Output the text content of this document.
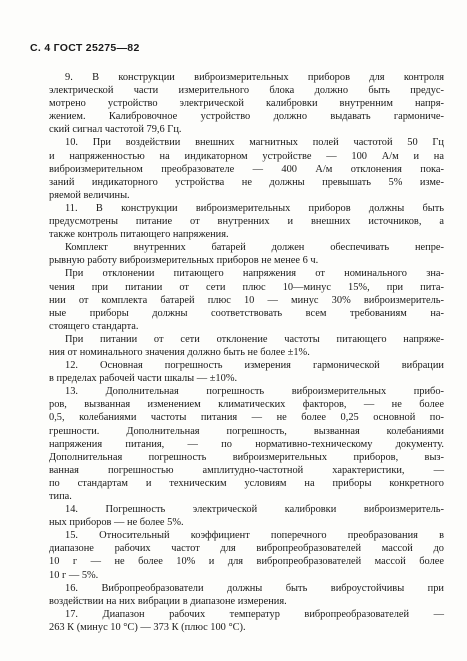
С. 4 ГОСТ 25275—82
9. В конструкции виброизмерительных приборов для контроля
электрической части измерительного блока должно быть предус-
мотрено устройство электрической калибровки внутренним напря-
жением. Калибровочное устройство должно выдавать гармониче-
ский сигнал частотой 79,6 Гц.
10. При воздействии внешних магнитных полей частотой 50 Гц
и напряженностью на индикаторном устройстве — 100 А/м и на
виброизмерительном преобразователе — 400 А/м отклонения пока-
заний индикаторного устройства не должны превышать 5% изме-
ряемой величины.
11. В конструкции виброизмерительных приборов должны быть
предусмотрены питание от внутренних и внешних источников, а
также контроль питающего напряжения.
Комплект внутренних батарей должен обеспечивать непре-
рывную работу виброизмерительных приборов не менее 6 ч.
При отклонении питающего напряжения от номинального зна-
чения при питании от сети плюс 10—минус 15%, при пита-
нии от комплекта батарей плюс 10 — минус 30% виброизмеритель-
ные приборы должны соответствовать всем требованиям на-
стоящего стандарта.
При питании от сети отклонение частоты питающего напряже-
ния от номинального значения должно быть не более ±1%.
12. Основная погрешность измерения гармонической вибрации
в пределах рабочей части шкалы — ±10%.
13. Дополнительная погрешность виброизмерительных прибо-
ров, вызванная изменением климатических факторов, — не более
0,5, колебаниями частоты питания — не более 0,25 основной по-
грешности. Дополнительная погрешность, вызванная колебаниями
напряжения питания, — по нормативно-техническому документу.
Дополнительная погрешность виброизмерительных приборов, выз-
ванная погрешностью амплитудно-частотной характеристики, —
по стандартам и техническим условиям на приборы конкретного
типа.
14. Погрешность электрической калибровки виброизмеритель-
ных приборов — не более 5%.
15. Относительный коэффициент поперечного преобразования в
диапазоне рабочих частот для вибропреобразователей массой до
10 г — не более 10% и для вибропреобразователей массой более
10 г — 5%.
16. Вибропреобразователи должны быть виброустойчивы при
воздействии на них вибрации в диапазоне измерения.
17. Диапазон рабочих температур вибропреобразователей —
263 К (минус 10 °С) — 373 К (плюс 100 °С).
